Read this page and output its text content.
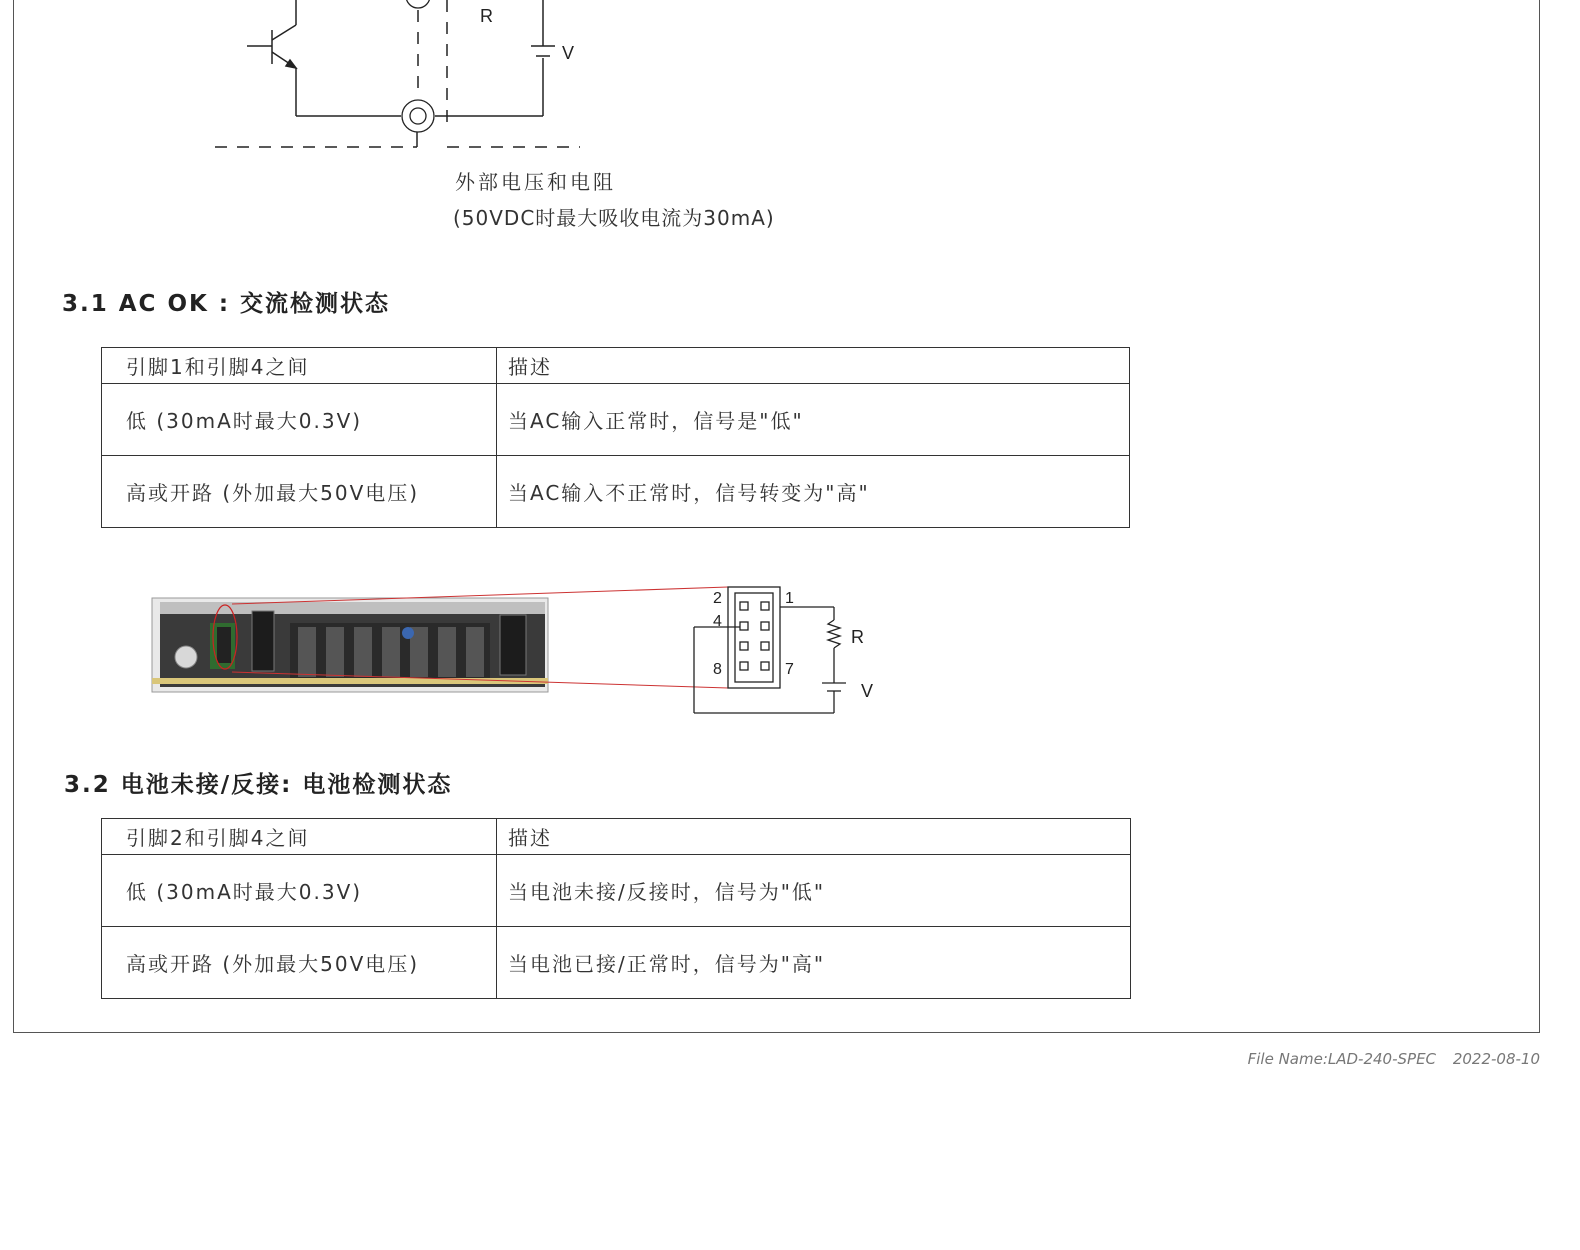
R
V
外部电压和电阻
(50VDC时最大吸收电流为30mA)
3.1 AC OK : 交流检测状态
引脚1和引脚4之间	描述
低 (30mA时最大0.3V)	当AC输入正常时，信号是"低"
高或开路 (外加最大50V电压)	当AC输入不正常时，信号转变为"高"
2	1
4
8	7
R
V
3.2 电池未接/反接: 电池检测状态
引脚2和引脚4之间	描述
低 (30mA时最大0.3V)	当电池未接/反接时，信号为"低"
高或开路 (外加最大50V电压)	当电池已接/正常时，信号为"高"
File Name:LAD-240-SPEC 2022-08-10
